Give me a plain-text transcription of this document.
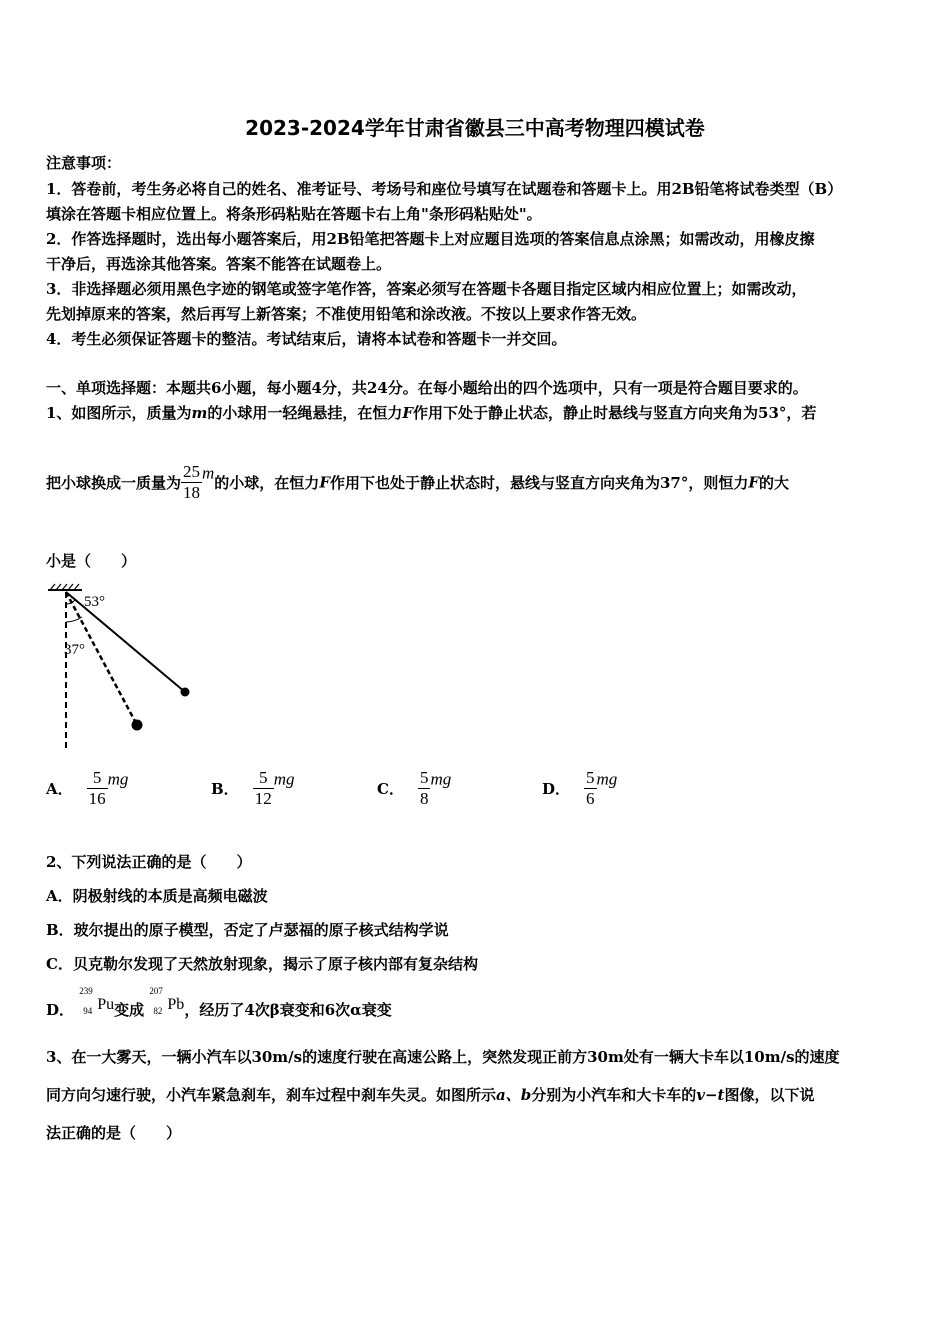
2023-2024学年甘肃省徽县三中高考物理四模试卷
注意事项：
1．答卷前，考生务必将自己的姓名、准考证号、考场号和座位号填写在试题卷和答题卡上。用2B铅笔将试卷类型（B）
填涂在答题卡相应位置上。将条形码粘贴在答题卡右上角"条形码粘贴处"。
2．作答选择题时，选出每小题答案后，用2B铅笔把答题卡上对应题目选项的答案信息点涂黑；如需改动，用橡皮擦
干净后，再选涂其他答案。答案不能答在试题卷上。
3．非选择题必须用黑色字迹的钢笔或签字笔作答，答案必须写在答题卡各题目指定区域内相应位置上；如需改动，
先划掉原来的答案，然后再写上新答案；不准使用铅笔和涂改液。不按以上要求作答无效。
4．考生必须保证答题卡的整洁。考试结束后，请将本试卷和答题卡一并交回。
一、单项选择题：本题共6小题，每小题4分，共24分。在每小题给出的四个选项中，只有一项是符合题目要求的。
1、如图所示，质量为m的小球用一轻绳悬挂，在恒力F作用下处于静止状态，静止时悬线与竖直方向夹角为53°，若
把小球换成一质量为 $\frac{25}{18}$ m的小球，在恒力F作用下也处于静止状态时，悬线与竖直方向夹角为37°，则恒力F的大
小是（　　）
53°
37°
A． $\frac{5}{16}$ mg
B． $\frac{5}{12}$ mg
C． $\frac{5}{8}$ mg
D． $\frac{5}{6}$ mg
2、下列说法正确的是（　　）
A．阴极射线的本质是高频电磁波
B．玻尔提出的原子模型，否定了卢瑟福的原子核式结构学说
C．贝克勒尔发现了天然放射现象，揭示了原子核内部有复杂结构
D．
239
94 Pu变成
207
82 Pb，经历了4次β衰变和6次α衰变
3、在一大雾天，一辆小汽车以30m/s的速度行驶在高速公路上，突然发现正前方30m处有一辆大卡车以10m/s的速度
同方向匀速行驶，小汽车紧急刹车，刹车过程中刹车失灵。如图所示a、b分别为小汽车和大卡车的v−t图像，以下说
法正确的是（　　）
